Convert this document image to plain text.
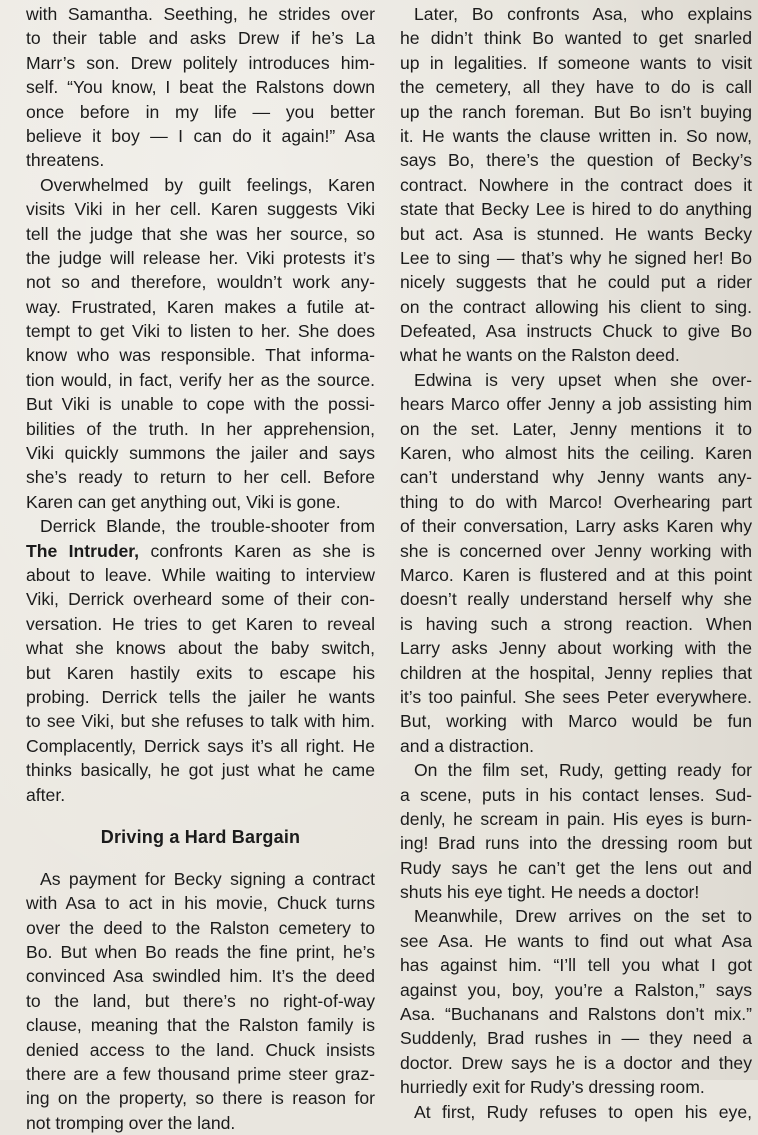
with Samantha. Seething, he strides over
to their table and asks Drew if he’s La
Marr’s son. Drew politely introduces him-
self. “You know, I beat the Ralstons down
once before in my life — you better
believe it boy — I can do it again!” Asa
threatens.
Overwhelmed by guilt feelings, Karen
visits Viki in her cell. Karen suggests Viki
tell the judge that she was her source, so
the judge will release her. Viki protests it’s
not so and therefore, wouldn’t work any-
way. Frustrated, Karen makes a futile at-
tempt to get Viki to listen to her. She does
know who was responsible. That informa-
tion would, in fact, verify her as the source.
But Viki is unable to cope with the possi-
bilities of the truth. In her apprehension,
Viki quickly summons the jailer and says
she’s ready to return to her cell. Before
Karen can get anything out, Viki is gone.
Derrick Blande, the trouble-shooter from
The Intruder, confronts Karen as she is
about to leave. While waiting to interview
Viki, Derrick overheard some of their con-
versation. He tries to get Karen to reveal
what she knows about the baby switch,
but Karen hastily exits to escape his
probing. Derrick tells the jailer he wants
to see Viki, but she refuses to talk with him.
Complacently, Derrick says it’s all right. He
thinks basically, he got just what he came
after.
Driving a Hard Bargain
As payment for Becky signing a contract
with Asa to act in his movie, Chuck turns
over the deed to the Ralston cemetery to
Bo. But when Bo reads the fine print, he’s
convinced Asa swindled him. It’s the deed
to the land, but there’s no right-of-way
clause, meaning that the Ralston family is
denied access to the land. Chuck insists
there are a few thousand prime steer graz-
ing on the property, so there is reason for
not tromping over the land.
Later, Bo confronts Asa, who explains
he didn’t think Bo wanted to get snarled
up in legalities. If someone wants to visit
the cemetery, all they have to do is call
up the ranch foreman. But Bo isn’t buying
it. He wants the clause written in. So now,
says Bo, there’s the question of Becky’s
contract. Nowhere in the contract does it
state that Becky Lee is hired to do anything
but act. Asa is stunned. He wants Becky
Lee to sing — that’s why he signed her! Bo
nicely suggests that he could put a rider
on the contract allowing his client to sing.
Defeated, Asa instructs Chuck to give Bo
what he wants on the Ralston deed.
Edwina is very upset when she over-
hears Marco offer Jenny a job assisting him
on the set. Later, Jenny mentions it to
Karen, who almost hits the ceiling. Karen
can’t understand why Jenny wants any-
thing to do with Marco! Overhearing part
of their conversation, Larry asks Karen why
she is concerned over Jenny working with
Marco. Karen is flustered and at this point
doesn’t really understand herself why she
is having such a strong reaction. When
Larry asks Jenny about working with the
children at the hospital, Jenny replies that
it’s too painful. She sees Peter everywhere.
But, working with Marco would be fun
and a distraction.
On the film set, Rudy, getting ready for
a scene, puts in his contact lenses. Sud-
denly, he scream in pain. His eyes is burn-
ing! Brad runs into the dressing room but
Rudy says he can’t get the lens out and
shuts his eye tight. He needs a doctor!
Meanwhile, Drew arrives on the set to
see Asa. He wants to find out what Asa
has against him. “I’ll tell you what I got
against you, boy, you’re a Ralston,” says
Asa. “Buchanans and Ralstons don’t mix.”
Suddenly, Brad rushes in — they need a
doctor. Drew says he is a doctor and they
hurriedly exit for Rudy’s dressing room.
At first, Rudy refuses to open his eye,
